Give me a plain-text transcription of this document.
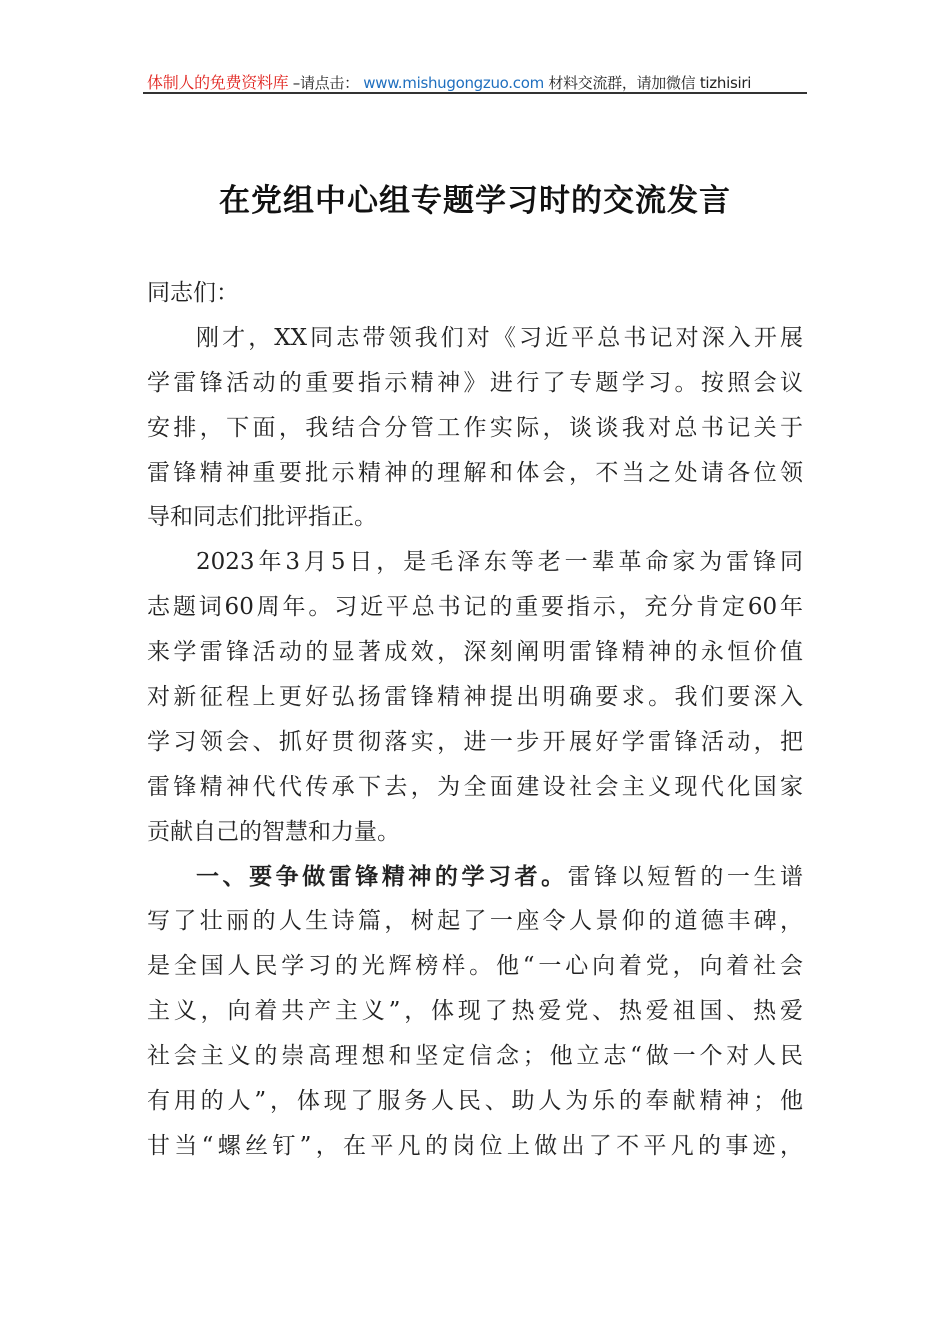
体制人的免费资料库 –请点击： www.mishugongzuo.com 材料交流群，请加微信 tizhisiri
在党组中心组专题学习时的交流发言
同志们：
刚才，XX同志带领我们对《习近平总书记对深入开展
学雷锋活动的重要指示精神》进行了专题学习。按照会议
安排，下面，我结合分管工作实际，谈谈我对总书记关于
雷锋精神重要批示精神的理解和体会，不当之处请各位领
导和同志们批评指正。
2023年3月5日，是毛泽东等老一辈革命家为雷锋同
志题词60周年。习近平总书记的重要指示，充分肯定60年
来学雷锋活动的显著成效，深刻阐明雷锋精神的永恒价值
对新征程上更好弘扬雷锋精神提出明确要求。我们要深入
学习领会、抓好贯彻落实，进一步开展好学雷锋活动，把
雷锋精神代代传承下去，为全面建设社会主义现代化国家
贡献自己的智慧和力量。
一、要争做雷锋精神的学习者。雷锋以短暂的一生谱
写了壮丽的人生诗篇，树起了一座令人景仰的道德丰碑，
是全国人民学习的光辉榜样。他“一心向着党，向着社会
主义，向着共产主义”，体现了热爱党、热爱祖国、热爱
社会主义的崇高理想和坚定信念；他立志“做一个对人民
有用的人”，体现了服务人民、助人为乐的奉献精神；他
甘当“螺丝钉”，在平凡的岗位上做出了不平凡的事迹，
